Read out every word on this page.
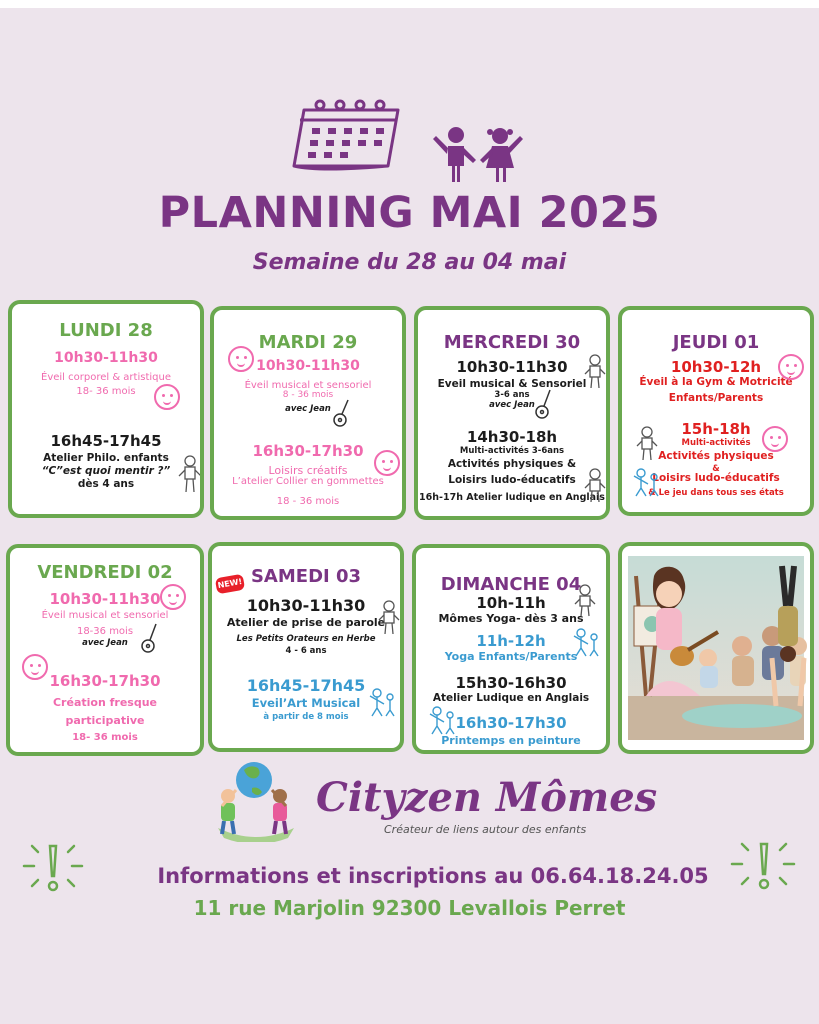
PLANNING MAI 2025
Semaine du 28 au 04 mai
LUNDI 28
10h30-11h30
Éveil corporel & artistique
18- 36 mois
16h45-17h45
Atelier Philo. enfants
“C”est quoi mentir ?”
dès 4 ans
MARDI 29
10h30-11h30
Éveil musical et sensoriel
8 - 36 mois
avec Jean
16h30-17h30
Loisirs créatifs
L’atelier Collier en gommettes
18 - 36 mois
MERCREDI 30
10h30-11h30
Eveil musical & Sensoriel
3-6 ans
avec Jean
14h30-18h
Multi-activités 3-6ans
Activités physiques &
Loisirs ludo-éducatifs
16h-17h Atelier ludique en Anglais
JEUDI 01
10h30-12h
Éveil à la Gym & Motricité
Enfants/Parents
15h-18h
Multi-activités
Activités physiques
&
Loisirs ludo-éducatifs
& Le jeu dans tous ses états
VENDREDI 02
10h30-11h30
Éveil musical et sensoriel
18-36 mois
avec Jean
16h30-17h30
Création fresque
participative
18- 36 mois
SAMEDI 03
10h30-11h30
Atelier de prise de parole
Les Petits Orateurs en Herbe
4 - 6 ans
16h45-17h45
Eveil’Art Musical
à partir de 8 mois
NEW!	DIMANCHE 04
10h-11h
Mômes Yoga- dès 3 ans
11h-12h
Yoga Enfants/Parents
15h30-16h30
Atelier Ludique en Anglais
16h30-17h30
Printemps en peinture
Cityzen Mômes
Créateur de liens autour des enfants
Informations et inscriptions au 06.64.18.24.05
11 rue Marjolin 92300 Levallois Perret
